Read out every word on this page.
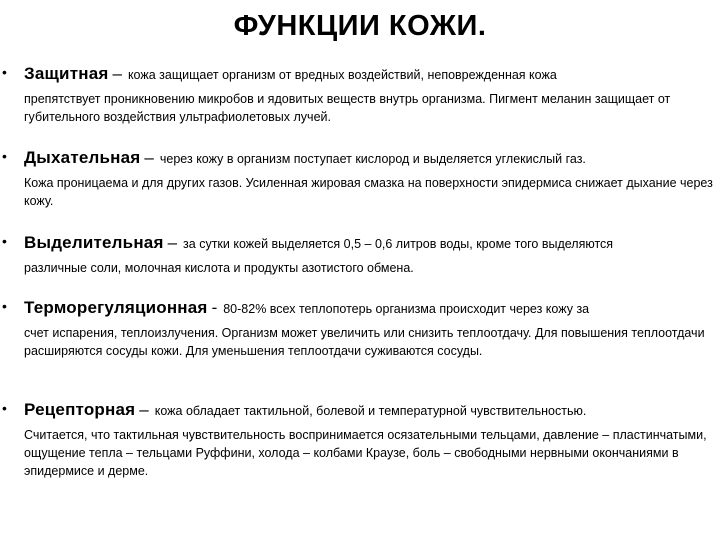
ФУНКЦИИ КОЖИ.
• Защитная – кожа защищает организм от вредных воздействий, неповрежденная кожа
препятствует проникновению микробов и ядовитых веществ внутрь организма. Пигмент меланин защищает от губительного воздействия ультрафиолетовых лучей.
• Дыхательная – через кожу в организм поступает кислород и выделяется углекислый газ.
Кожа проницаема и для других газов. Усиленная жировая смазка на поверхности эпидермиса снижает дыхание через кожу.
• Выделительная – за сутки кожей выделяется 0,5 – 0,6 литров воды, кроме того выделяются
различные соли, молочная кислота и продукты азотистого обмена.
• Терморегуляционная - 80-82% всех теплопотерь организма происходит через кожу за
счет испарения, теплоизлучения. Организм может увеличить или снизить теплоотдачу. Для повышения теплоотдачи расширяются сосуды кожи. Для уменьшения теплоотдачи суживаются сосуды.
• Рецепторная – кожа обладает тактильной, болевой и температурной чувствительностью.
Считается, что тактильная чувствительность воспринимается осязательными тельцами, давление – пластинчатыми, ощущение тепла – тельцами Руффини, холода – колбами Краузе, боль – свободными нервными окончаниями в эпидермисе и дерме.
